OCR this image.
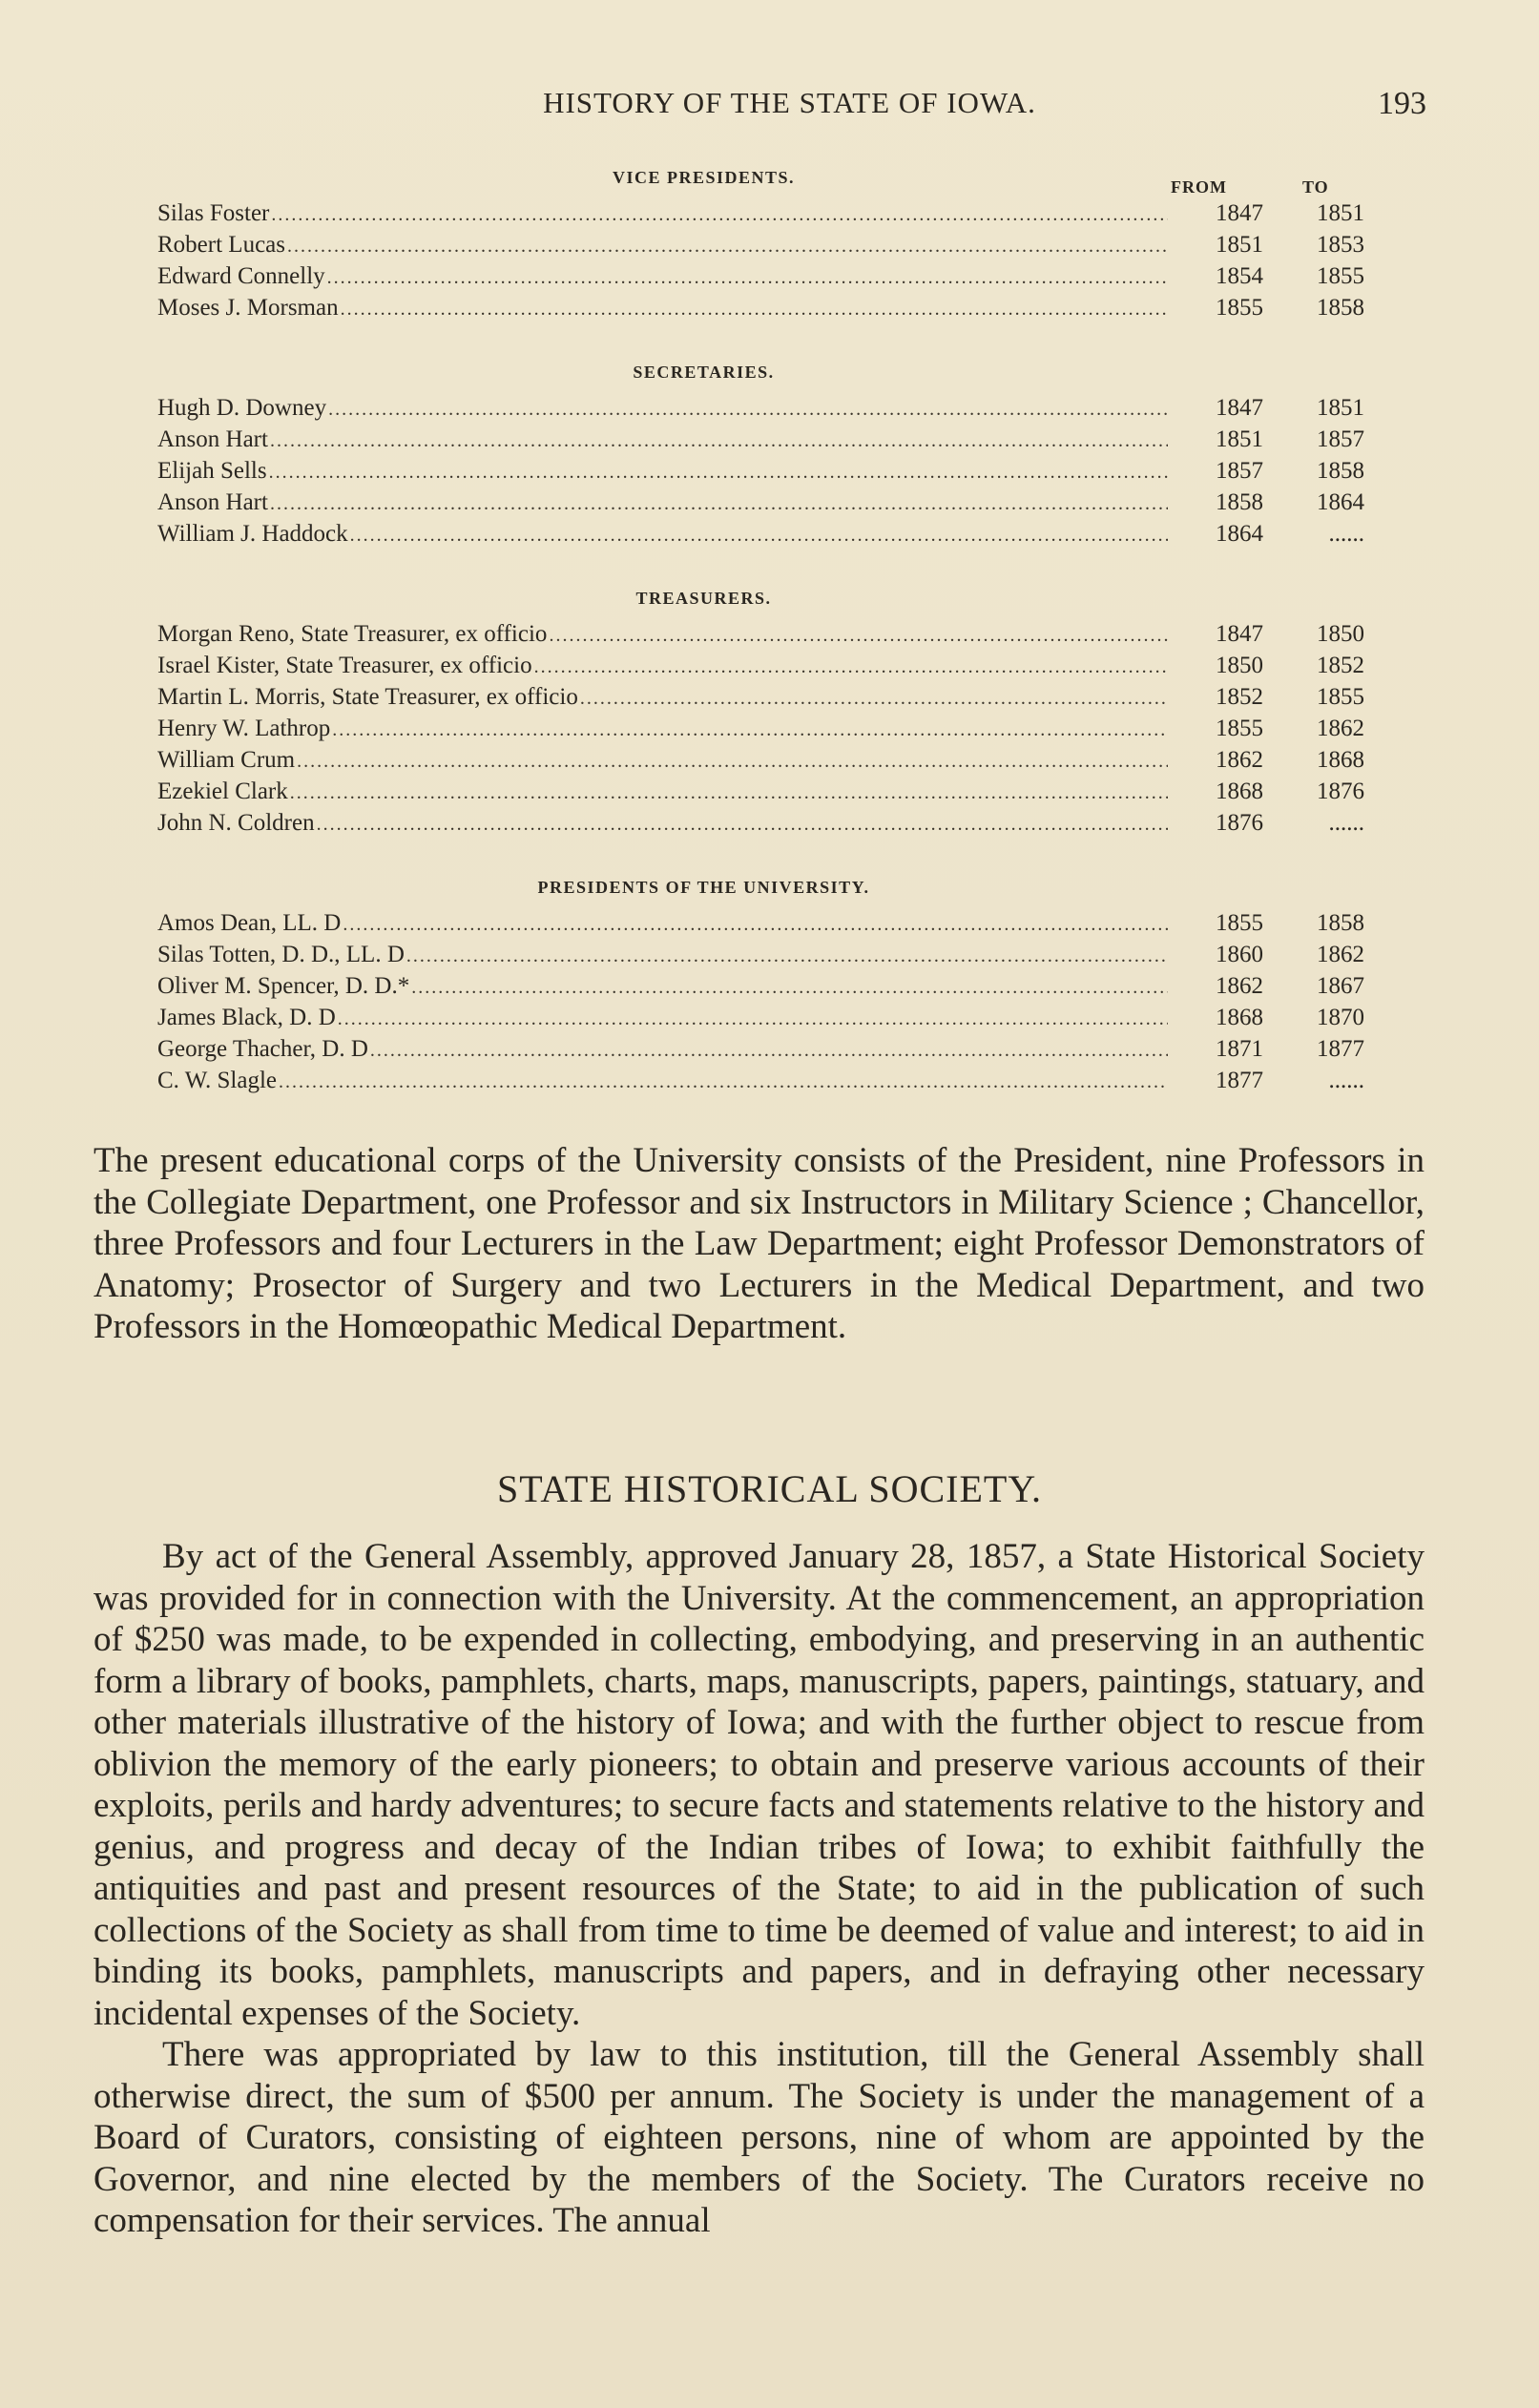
HISTORY OF THE STATE OF IOWA.	193
VICE PRESIDENTS.	FROM	TO
Silas Foster .....	1847	1851
Robert Lucas .....	1851	1853
Edward Connelly .....	1854	1855
Moses J. Morsman .....	1855	1858
SECRETARIES.
Hugh D. Downey .....	1847	1851
Anson Hart .....	1851	1857
Elijah Sells .....	1857	1858
Anson Hart .....	1858	1864
William J. Haddock .....	1864	......
TREASURERS.
Morgan Reno, State Treasurer, ex officio .....	1847	1850
Israel Kister, State Treasurer, ex officio .....	1850	1852
Martin L. Morris, State Treasurer, ex officio .....	1852	1855
Henry W. Lathrop .....	1855	1862
William Crum .....	1862	1868
Ezekiel Clark .....	1868	1876
John N. Coldren .....	1876	......
PRESIDENTS OF THE UNIVERSITY.
Amos Dean, LL. D .....	1855	1858
Silas Totten, D. D., LL. D .....	1860	1862
Oliver M. Spencer, D. D.* .....	1862	1867
James Black, D. D .....	1868	1870
George Thacher, D. D .....	1871	1877
C. W. Slagle .....	1877	......

The present educational corps of the University consists of the President, nine Professors in the Collegiate Department, one Professor and six Instructors in Military Science ; Chancellor, three Professors and four Lecturers in the Law Department; eight Professor Demonstrators of Anatomy; Prosector of Surgery and two Lecturers in the Medical Department, and two Professors in the Homœopathic Medical Department.

STATE HISTORICAL SOCIETY.

By act of the General Assembly, approved January 28, 1857, a State Historical Society was provided for in connection with the University. At the commencement, an appropriation of $250 was made, to be expended in collecting, embodying, and preserving in an authentic form a library of books, pamphlets, charts, maps, manuscripts, papers, paintings, statuary, and other materials illustrative of the history of Iowa; and with the further object to rescue from oblivion the memory of the early pioneers; to obtain and preserve various accounts of their exploits, perils and hardy adventures; to secure facts and statements relative to the history and genius, and progress and decay of the Indian tribes of Iowa; to exhibit faithfully the antiquities and past and present resources of the State; to aid in the publication of such collections of the Society as shall from time to time be deemed of value and interest; to aid in binding its books, pamphlets, manuscripts and papers, and in defraying other necessary incidental expenses of the Society.

There was appropriated by law to this institution, till the General Assembly shall otherwise direct, the sum of $500 per annum. The Society is under the management of a Board of Curators, consisting of eighteen persons, nine of whom are appointed by the Governor, and nine elected by the members of the Society. The Curators receive no compensation for their services. The annual
